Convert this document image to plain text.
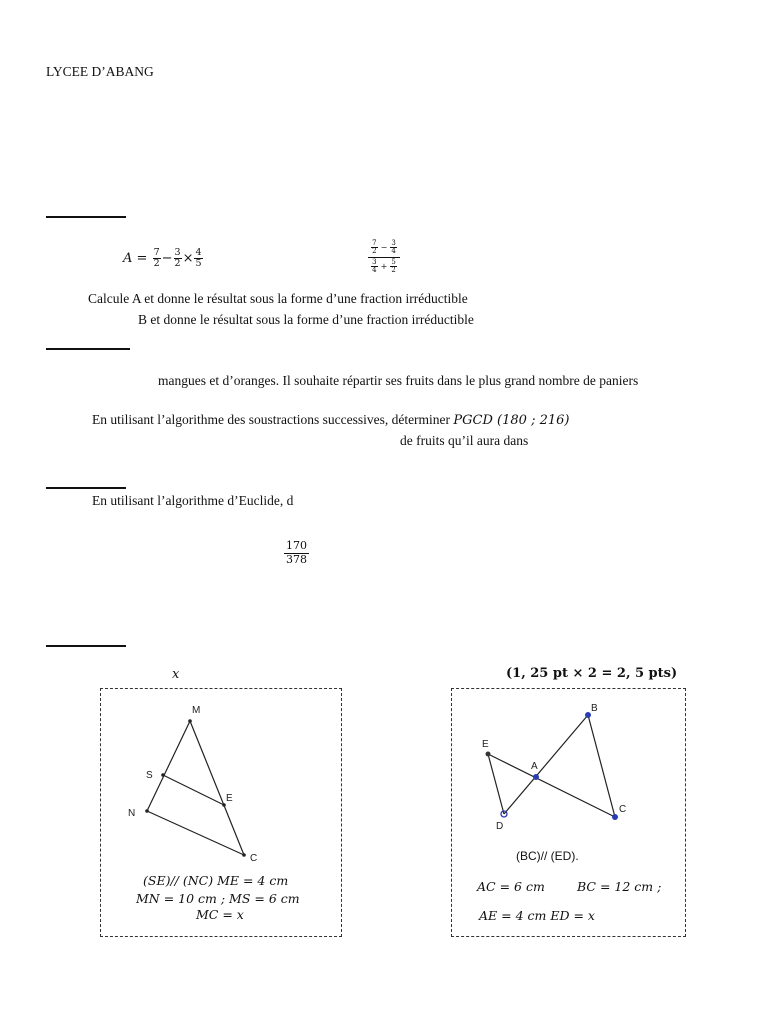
LYCEE D’ABANG
$A = \frac{7}{2} - \frac{3}{2} \times \frac{4}{5}$
$\frac{7}{2} - \frac{3}{4}$
$\frac{3}{4} + \frac{5}{2}$
Calcule A et donne le résultat sous la forme d’une fraction irréductible
B et donne le résultat sous la forme d’une fraction irréductible
mangues et d’oranges. Il souhaite répartir ses fruits dans le plus grand nombre de paniers
En utilisant l’algorithme des soustractions successives, déterminer PGCD (180 ; 216)
de fruits qu’il aura dans
En utilisant l’algorithme d’Euclide, d
170
378
x	(1, 25 pt × 2 = 2, 5 pts)
M
S
E
N
C
(SE)// (NC) ME = 4 cm
MN = 10 cm ; MS = 6 cm
MC = x
B
E
A
D
C
(BC)// (ED).
AC = 6 cm	BC = 12 cm ;
AE = 4 cm ED = x
